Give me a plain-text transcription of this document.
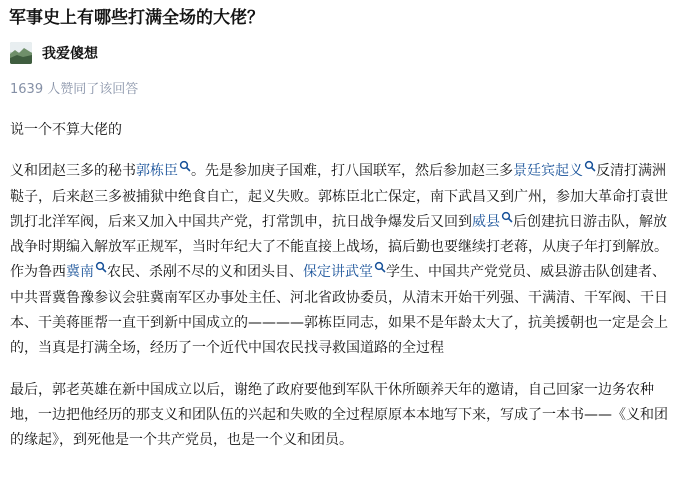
军事史上有哪些打满全场的大佬？
我爱傻想
1639 人赞同了该回答

说一个不算大佬的

义和团赵三多的秘书郭栋臣 。先是参加庚子国难，打八国联军，然后参加赵三多景廷宾起义 反清打满洲鞑子，后来赵三多被捕狱中绝食自亡，起义失败。郭栋臣北亡保定，南下武昌又到广州，参加大革命打袁世凯打北洋军阀，后来又加入中国共产党，打常凯申，抗日战争爆发后又回到威县 后创建抗日游击队，解放战争时期编入解放军正规军，当时年纪大了不能直接上战场，搞后勤也要继续打老蒋，从庚子年打到解放。作为鲁西冀南 农民、杀剐不尽的义和团头目、保定讲武堂 学生、中国共产党党员、威县游击队创建者、中共晋冀鲁豫参议会驻冀南军区办事处主任、河北省政协委员，从清末开始干列强、干满清、干军阀、干日本、干美蒋匪帮一直干到新中国成立的————郭栋臣同志，如果不是年龄太大了，抗美援朝也一定是会上的，当真是打满全场，经历了一个近代中国农民找寻救国道路的全过程

最后，郭老英雄在新中国成立以后，谢绝了政府要他到军队干休所颐养天年的邀请，自己回家一边务农种地，一边把他经历的那支义和团队伍的兴起和失败的全过程原原本本地写下来，写成了一本书——《义和团的缘起》，到死他是一个共产党员，也是一个义和团员。
